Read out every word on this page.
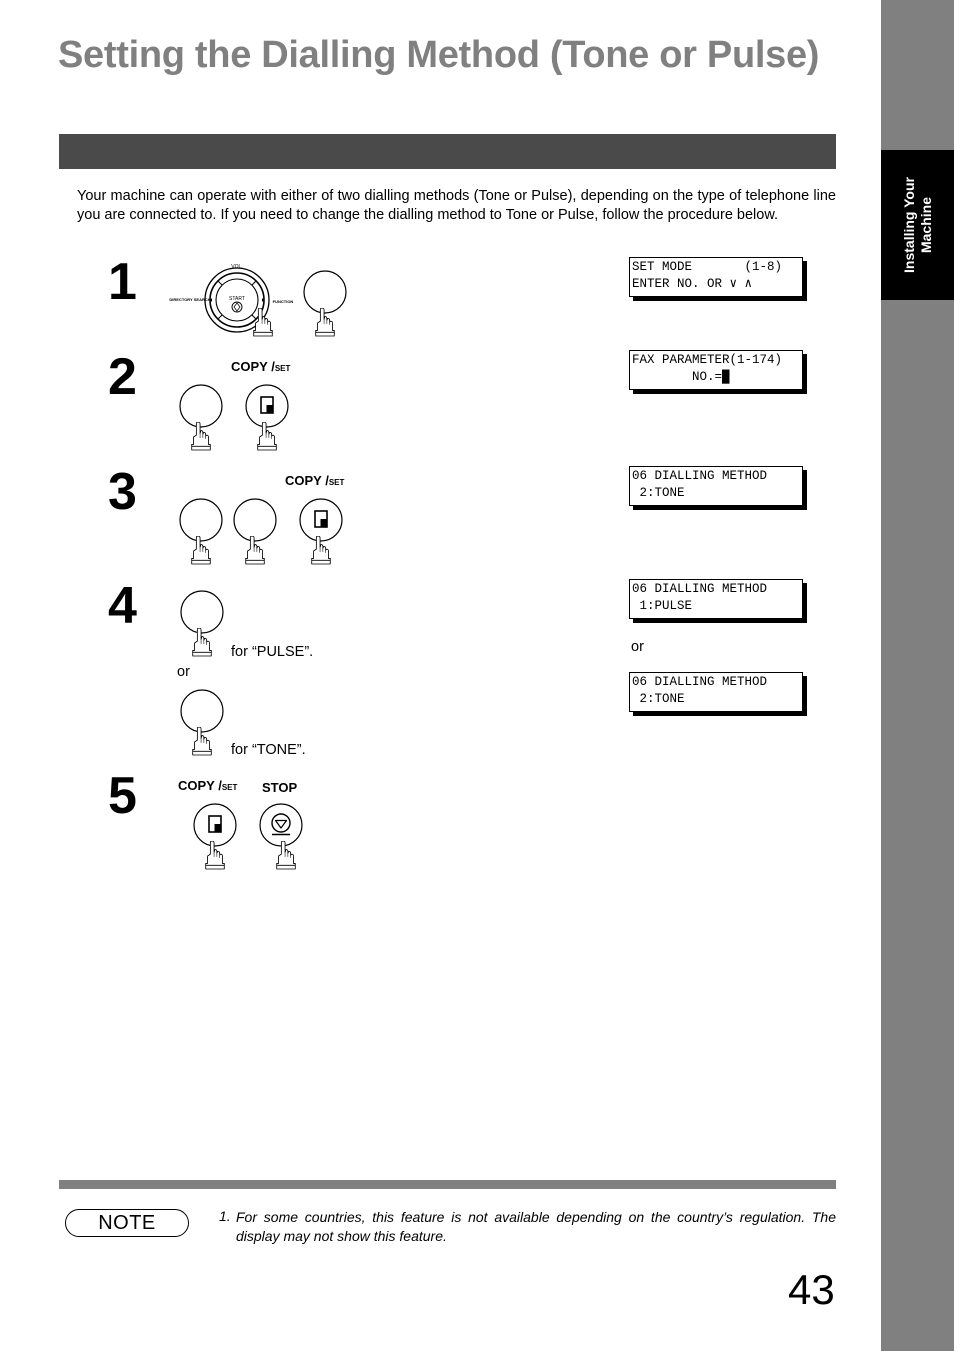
Installing Your Machine
Setting the Dialling Method (Tone or Pulse)
Your machine can operate with either of two dialling methods (Tone or Pulse), depending on the type of telephone line you are connected to. If you need to change the dialling method to Tone or Pulse, follow the procedure below.
1	VOL.
START
DIRECTORY SEARCH	FUNCTION
SET MODE       (1-8)
ENTER NO. OR ∨ ∧
2	COPY /SET
FAX PARAMETER(1-174)
NO.=█
3	COPY /SET	06 DIALLING METHOD
2:TONE
4
for “PULSE”.
or
for “TONE”.
06 DIALLING METHOD
1:PULSE
or
06 DIALLING METHOD
2:TONE
5	COPY /SET STOP
NOTE	1. For some countries, this feature is not available depending on the country’s regulation. The display may not show this feature.
43
